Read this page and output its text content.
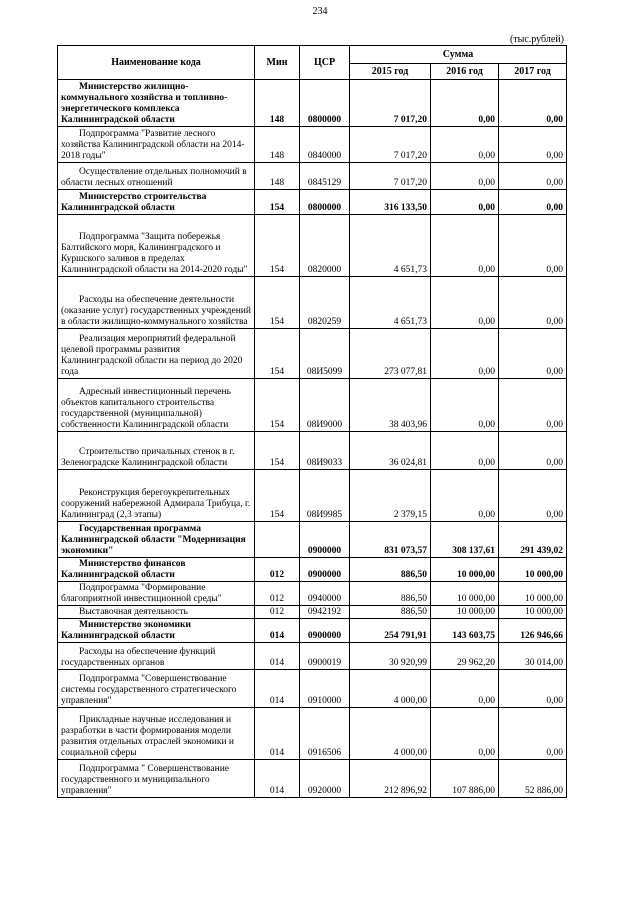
234
(тыс.рублей)
Наименование кода	Мин	ЦСР	Сумма		
			2015 год	2016 год	2017 год
Министерство жилищно-коммунального хозяйства и топливно-энергетического комплекса Калининградской области	148	0800000	7 017,20	0,00	0,00
Подпрограмма "Развитие лесного хозяйства Калининградской области на 2014-2018 годы"	148	0840000	7 017,20	0,00	0,00
Осуществление отдельных полномочий в области лесных отношений	148	0845129	7 017,20	0,00	0,00
Министерство строительства Калининградской области	154	0800000	316 133,50	0,00	0,00
Подпрограмма "Защита побережья Балтийского моря, Калининградского и Куршского заливов в пределах Калининградской области на 2014-2020 годы"	154	0820000	4 651,73	0,00	0,00
Расходы на обеспечение деятельности (оказание услуг) государственных учреждений в области жилищно-коммунального хозяйства	154	0820259	4 651,73	0,00	0,00
Реализация мероприятий федеральной целевой программы развития Калининградской области на период до 2020 года	154	08И5099	273 077,81	0,00	0,00
Адресный инвестиционный перечень объектов капитального строительства государственной (муниципальной) собственности Калининградской области	154	08И9000	38 403,96	0,00	0,00
Строительство причальных стенок в г. Зеленоградске Калининградской области	154	08И9033	36 024,81	0,00	0,00
Реконструкция берегоукрепительных сооружений набережной Адмирала Трибуца, г. Калининград (2,3 этапы)	154	08И9985	2 379,15	0,00	0,00
Государственная программа Калининградской области "Модернизация экономики"		0900000	831 073,57	308 137,61	291 439,02
Министерство финансов Калининградской области	012	0900000	886,50	10 000,00	10 000,00
Подпрограмма "Формирование благоприятной инвестиционной среды"	012	0940000	886,50	10 000,00	10 000,00
Выставочная деятельность	012	0942192	886,50	10 000,00	10 000,00
Министерство экономики Калининградской области	014	0900000	254 791,91	143 603,75	126 946,66
Расходы на обеспечение функций государственных органов	014	0900019	30 920,99	29 962,20	30 014,00
Подпрограмма "Совершенствование системы государственного стратегического управления"	014	0910000	4 000,00	0,00	0,00
Прикладные научные исследования и разработки в части формирования модели развития отдельных отраслей экономики и социальной сферы	014	0916506	4 000,00	0,00	0,00
Подпрограмма " Совершенствование государственного и муниципального управления"	014	0920000	212 896,92	107 886,00	52 886,00
